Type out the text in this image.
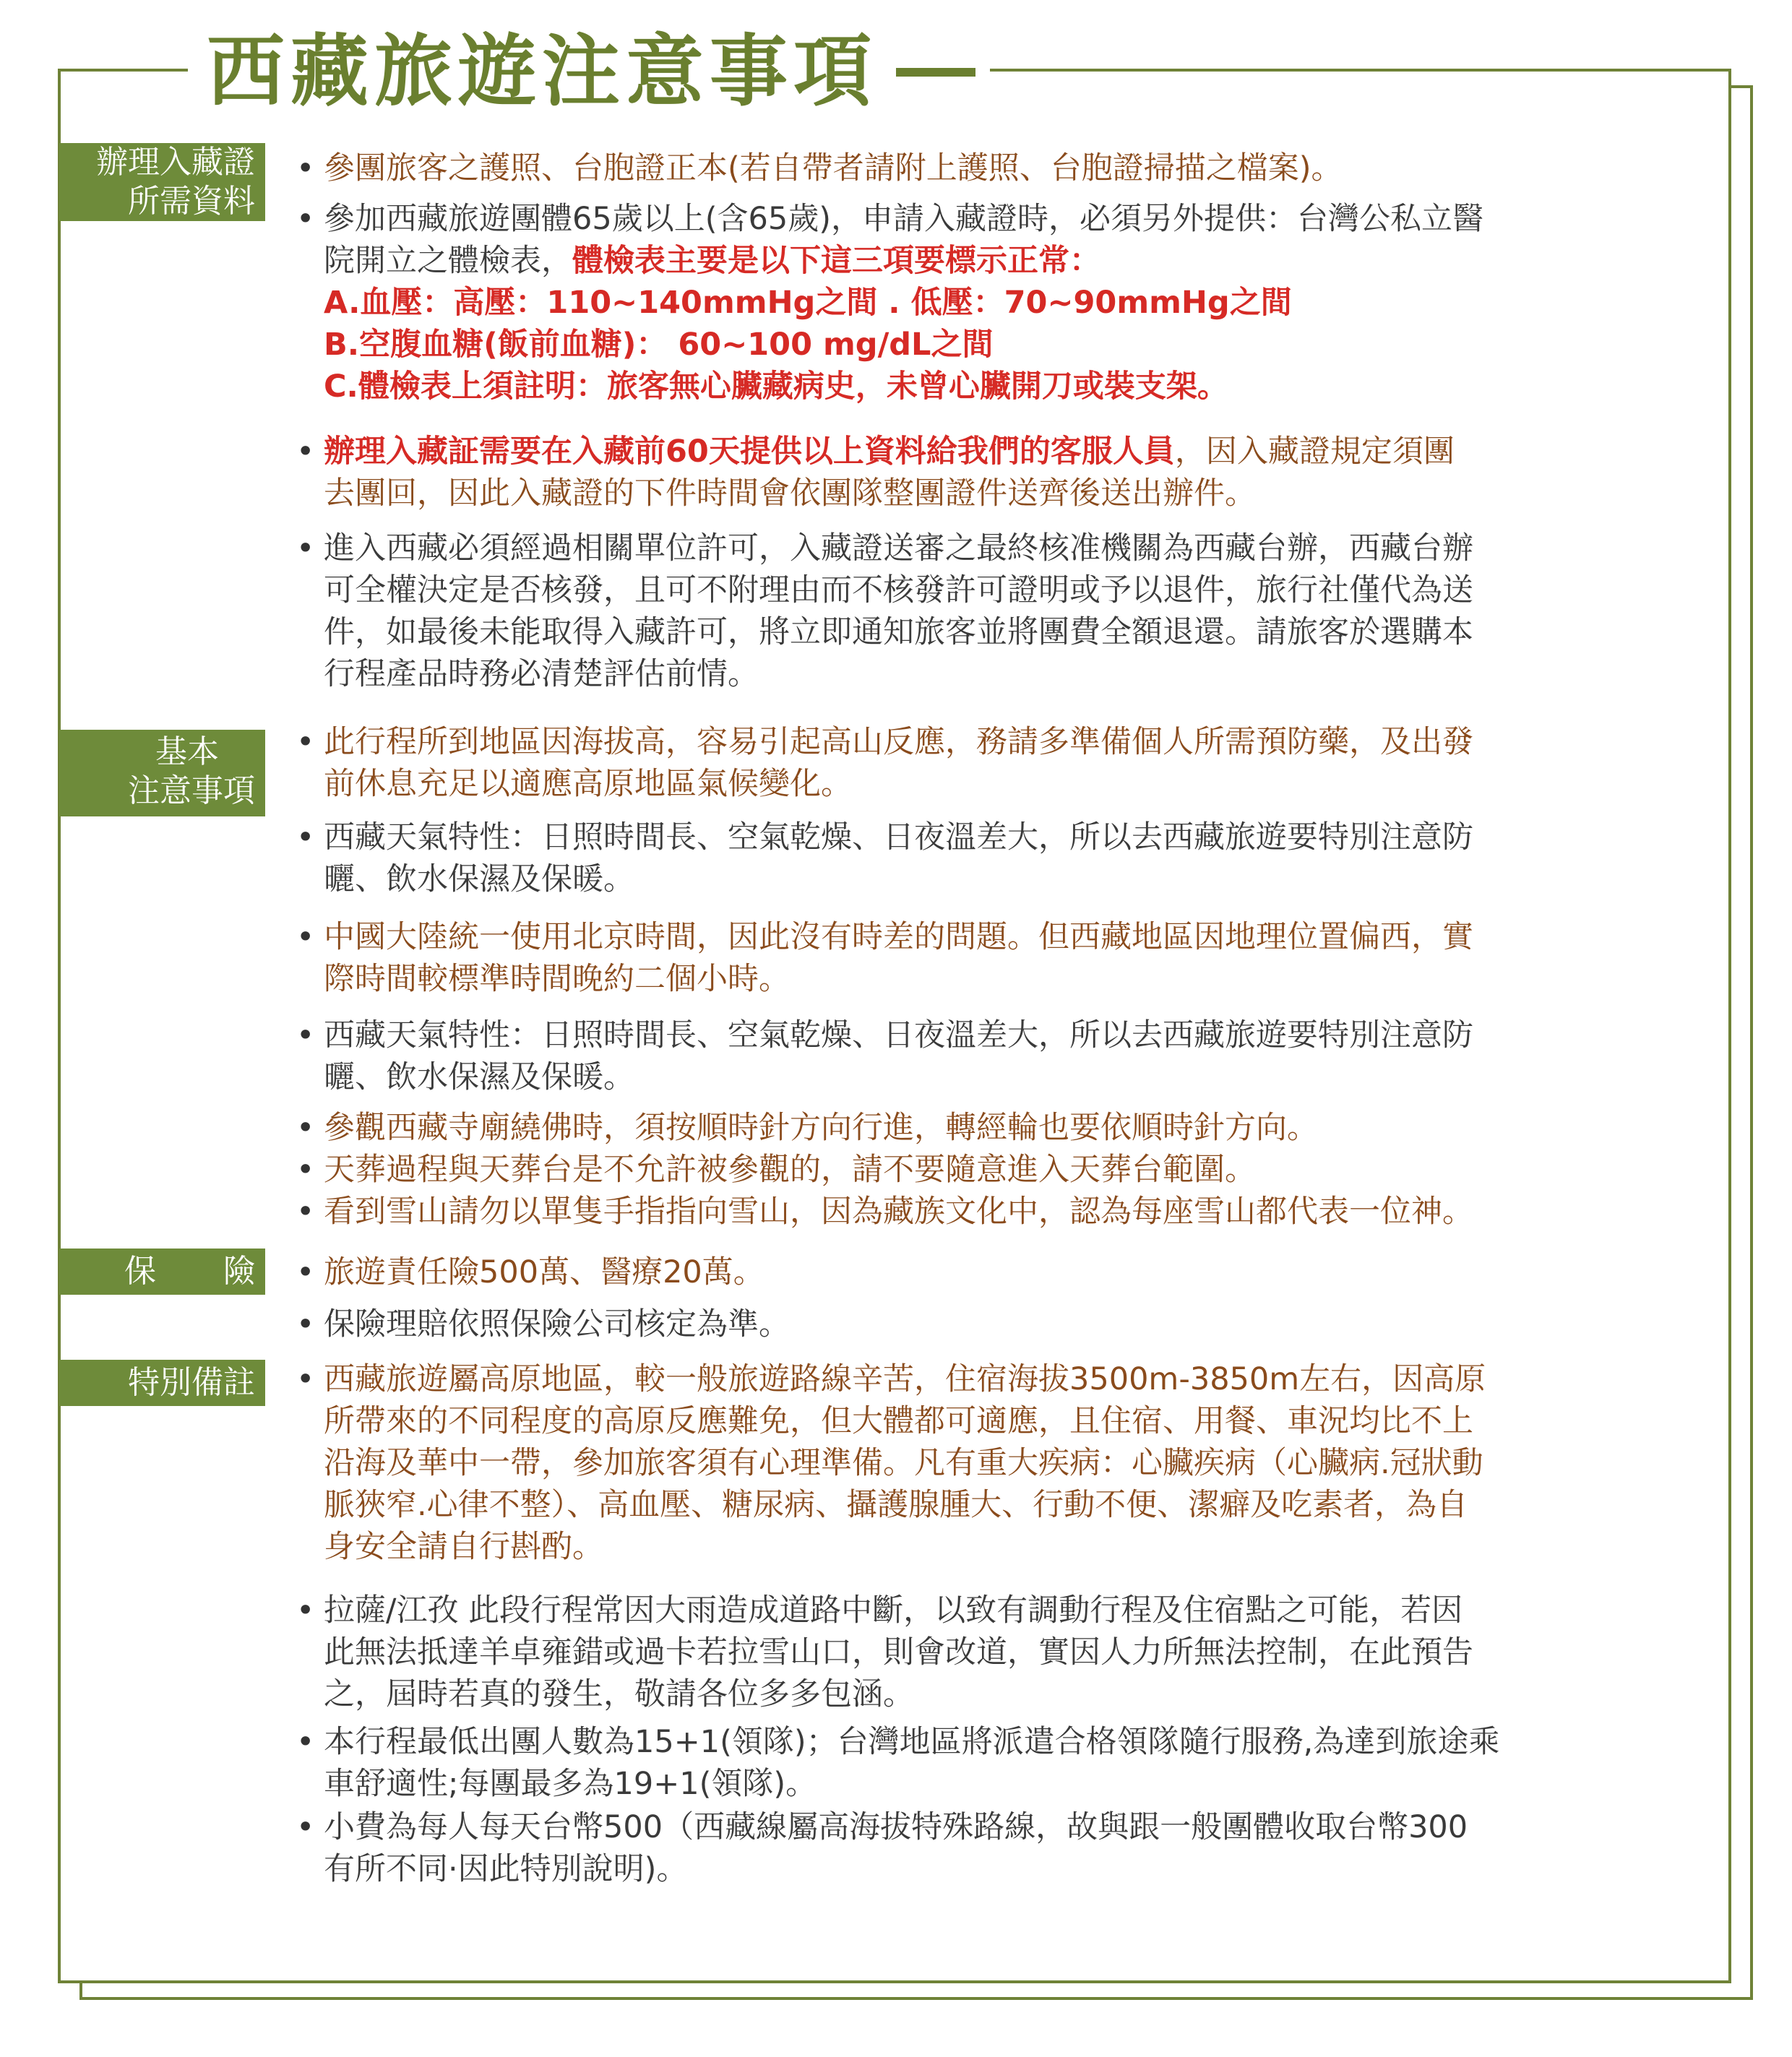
西藏旅遊注意事項
辦理入藏證
所需資料
基本
注意事項
保 險
特別備註
• 參團旅客之護照、台胞證正本(若自帶者請附上護照、台胞證掃描之檔案)。
• 參加西藏旅遊團體65歲以上(含65歲)，申請入藏證時，必須另外提供：台灣公私立醫
院開立之體檢表，體檢表主要是以下這三項要標示正常：
A.血壓：高壓：110~140mmHg之間 . 低壓：70~90mmHg之間
B.空腹血糖(飯前血糖)： 60~100 mg/dL之間
C.體檢表上須註明：旅客無心臟藏病史，未曾心臟開刀或裝支架。
• 辦理入藏証需要在入藏前60天提供以上資料給我們的客服人員，因入藏證規定須團
去團回，因此入藏證的下件時間會依團隊整團證件送齊後送出辦件。
• 進入西藏必須經過相關單位許可，入藏證送審之最終核准機關為西藏台辦，西藏台辦
可全權決定是否核發，且可不附理由而不核發許可證明或予以退件，旅行社僅代為送
件，如最後未能取得入藏許可，將立即通知旅客並將團費全額退還。請旅客於選購本
行程產品時務必清楚評估前情。
• 此行程所到地區因海拔高，容易引起高山反應，務請多準備個人所需預防藥，及出發
前休息充足以適應高原地區氣候變化。
• 西藏天氣特性：日照時間長、空氣乾燥、日夜溫差大，所以去西藏旅遊要特別注意防
曬、飲水保濕及保暖。
• 中國大陸統一使用北京時間，因此沒有時差的問題。但西藏地區因地理位置偏西，實
際時間較標準時間晚約二個小時。
• 西藏天氣特性：日照時間長、空氣乾燥、日夜溫差大，所以去西藏旅遊要特別注意防
曬、飲水保濕及保暖。
• 參觀西藏寺廟繞佛時，須按順時針方向行進，轉經輪也要依順時針方向。
• 天葬過程與天葬台是不允許被參觀的，請不要隨意進入天葬台範圍。
• 看到雪山請勿以單隻手指指向雪山，因為藏族文化中，認為每座雪山都代表一位神。
• 旅遊責任險500萬、醫療20萬。
• 保險理賠依照保險公司核定為準。
• 西藏旅遊屬高原地區，較一般旅遊路線辛苦，住宿海拔3500m-3850m左右，因高原
所帶來的不同程度的高原反應難免，但大體都可適應，且住宿、用餐、車況均比不上
沿海及華中一帶，參加旅客須有心理準備。凡有重大疾病：心臟疾病（心臟病.冠狀動
脈狹窄.心律不整）、高血壓、糖尿病、攝護腺腫大、行動不便、潔癖及吃素者，為自
身安全請自行斟酌。
• 拉薩/江孜 此段行程常因大雨造成道路中斷，以致有調動行程及住宿點之可能，若因
此無法抵達羊卓雍錯或過卡若拉雪山口，則會改道，實因人力所無法控制，在此預告
之，屆時若真的發生，敬請各位多多包涵。
• 本行程最低出團人數為15+1(領隊)；台灣地區將派遣合格領隊隨行服務,為達到旅途乘
車舒適性;每團最多為19+1(領隊)。
• 小費為每人每天台幣500（西藏線屬高海拔特殊路線，故與跟一般團體收取台幣300
有所不同·因此特別說明)。
